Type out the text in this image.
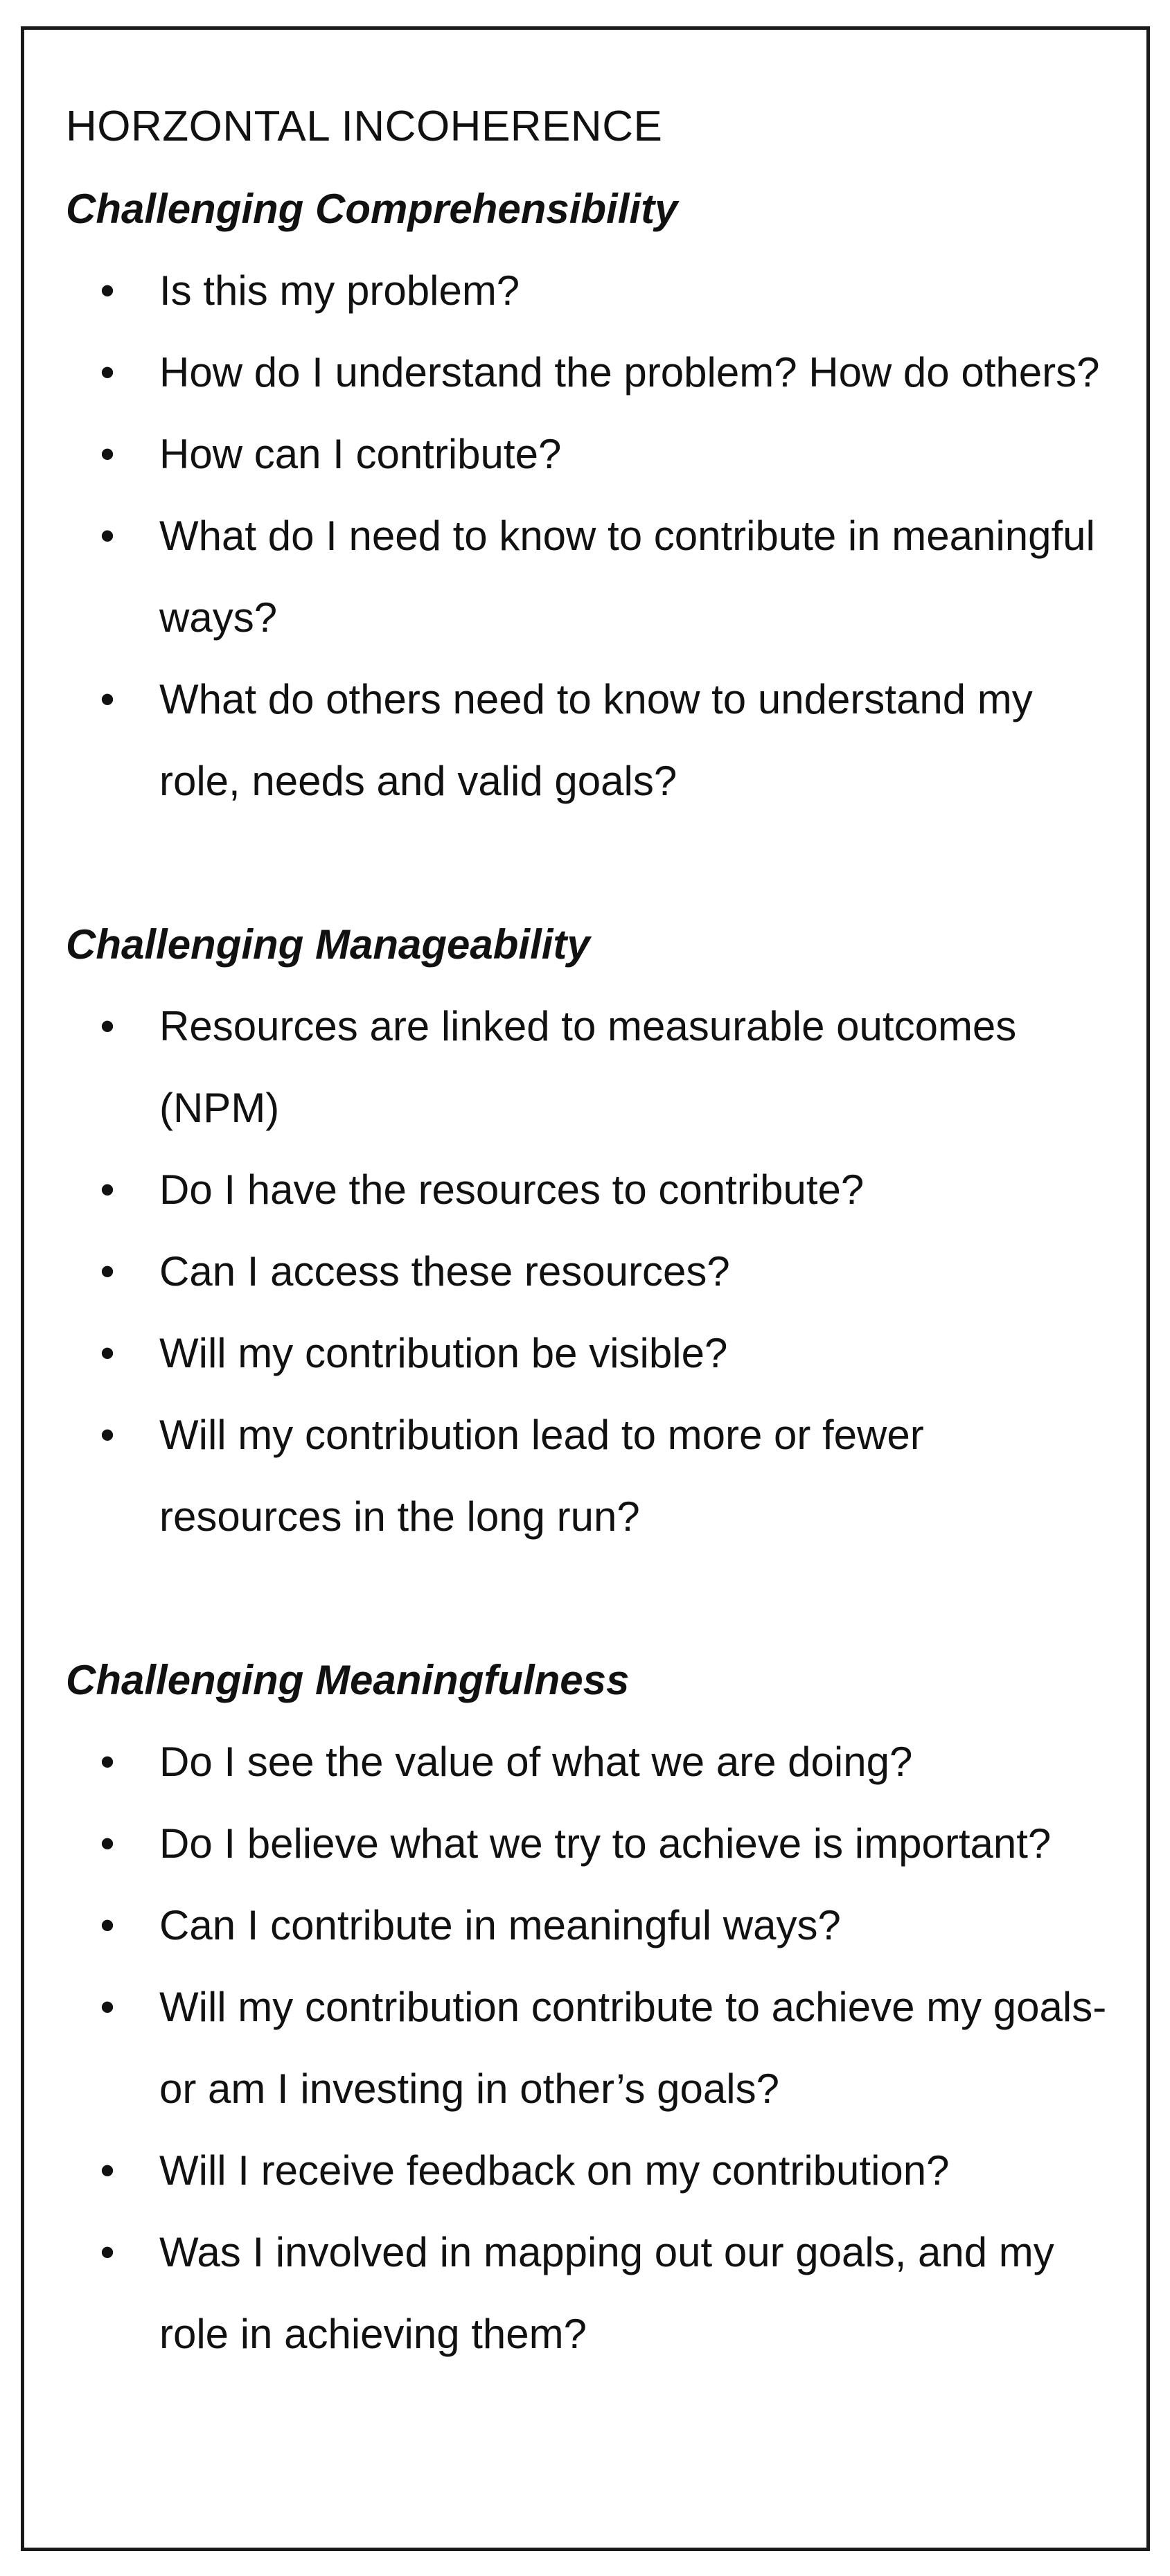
HORZONTAL INCOHERENCE

Challenging Comprehensibility

•	Is this my problem?
•	How do I understand the problem? How do others?
•	How can I contribute?
•	What do I need to know to contribute in meaningful ways?
•	What do others need to know to understand my role, needs and valid goals?

Challenging Manageability

•	Resources are linked to measurable outcomes (NPM)
•	Do I have the resources to contribute?
•	Can I access these resources?
•	Will my contribution be visible?
•	Will my contribution lead to more or fewer resources in the long run?

Challenging Meaningfulness

•	Do I see the value of what we are doing?
•	Do I believe what we try to achieve is important?
•	Can I contribute in meaningful ways?
•	Will my contribution contribute to achieve my goals- or am I investing in other’s goals?
•	Will I receive feedback on my contribution?
•	Was I involved in mapping out our goals, and my role in achieving them?
